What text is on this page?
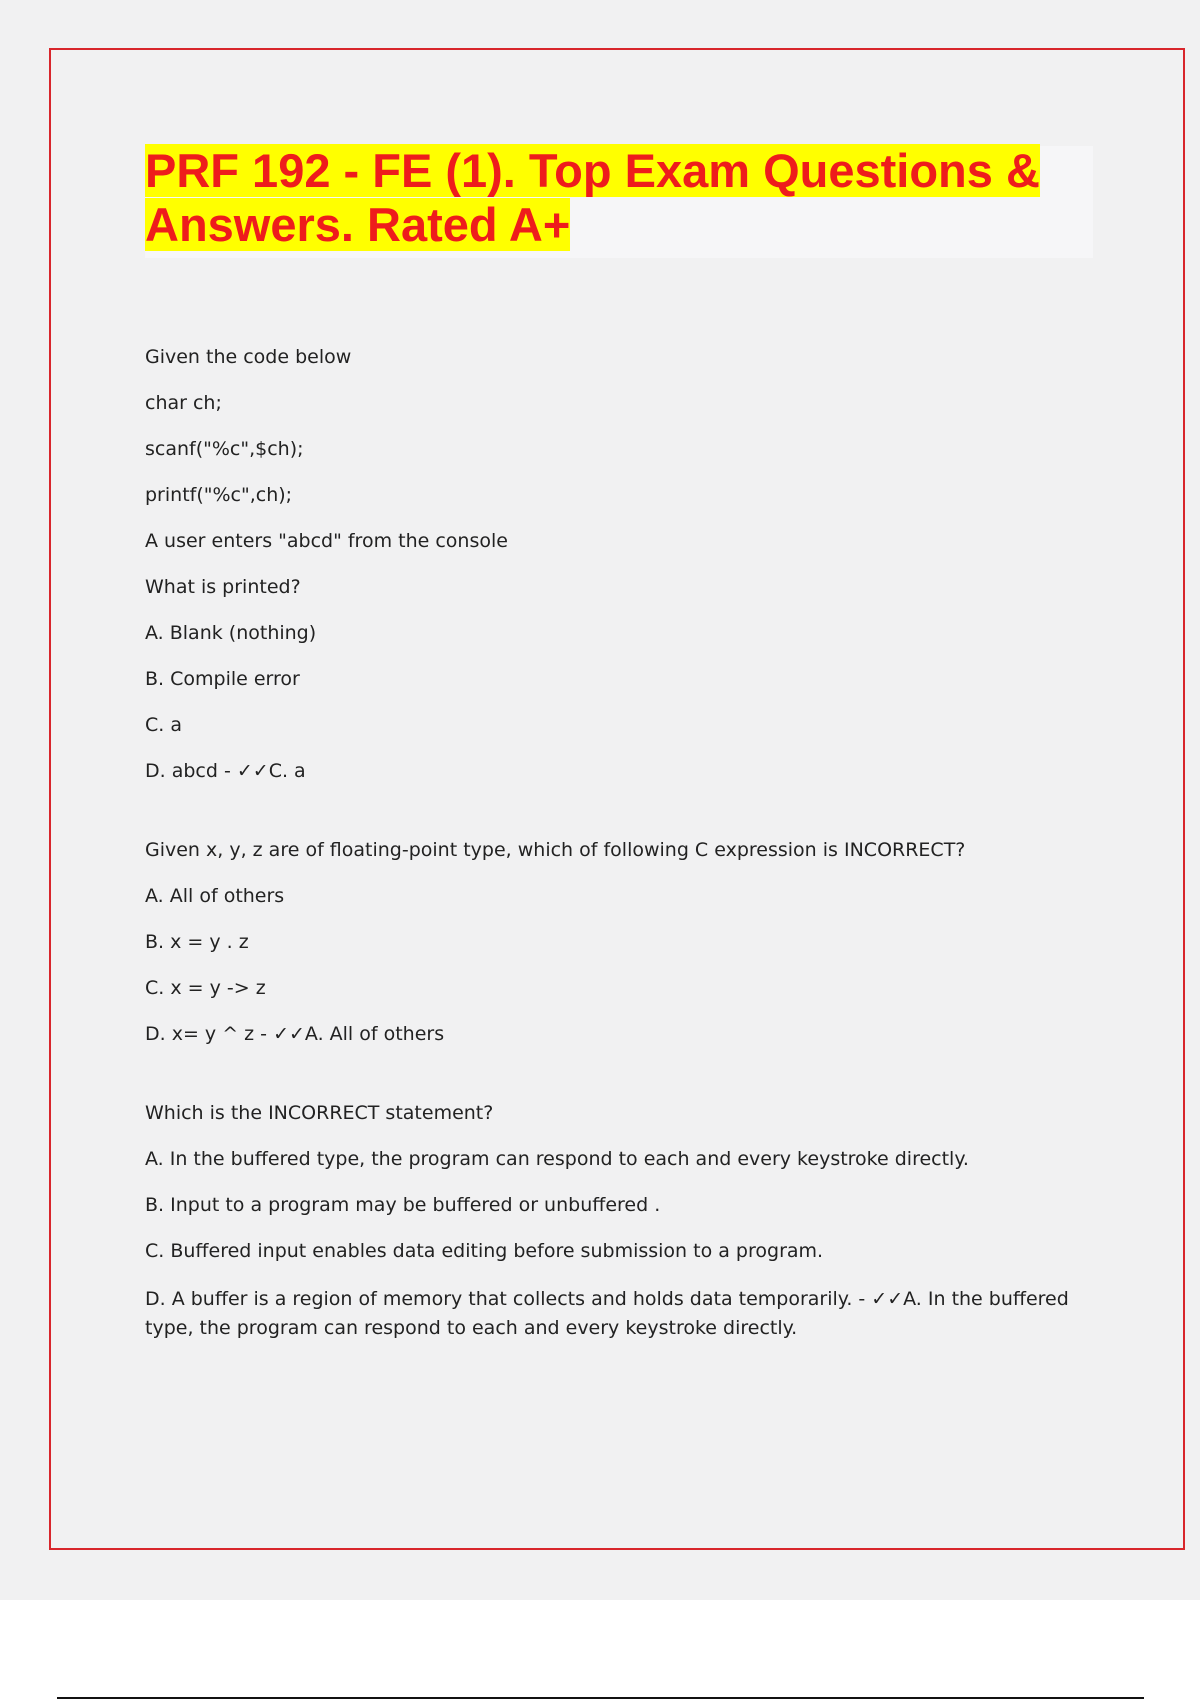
PRF 192 - FE (1). Top Exam Questions & Answers. Rated A+

Given the code below

char ch;

scanf("%c",$ch);

printf("%c",ch);

A user enters "abcd" from the console

What is printed?

A. Blank (nothing)

B. Compile error

C. a

D. abcd - ✓✓C. a

Given x, y, z are of floating-point type, which of following C expression is INCORRECT?

A. All of others

B. x = y . z

C. x = y -> z

D. x= y ^ z - ✓✓A. All of others

Which is the INCORRECT statement?

A. In the buffered type, the program can respond to each and every keystroke directly.

B. Input to a program may be buffered or unbuffered .

C. Buffered input enables data editing before submission to a program.

D. A buffer is a region of memory that collects and holds data temporarily. - ✓✓A. In the buffered type, the program can respond to each and every keystroke directly.
